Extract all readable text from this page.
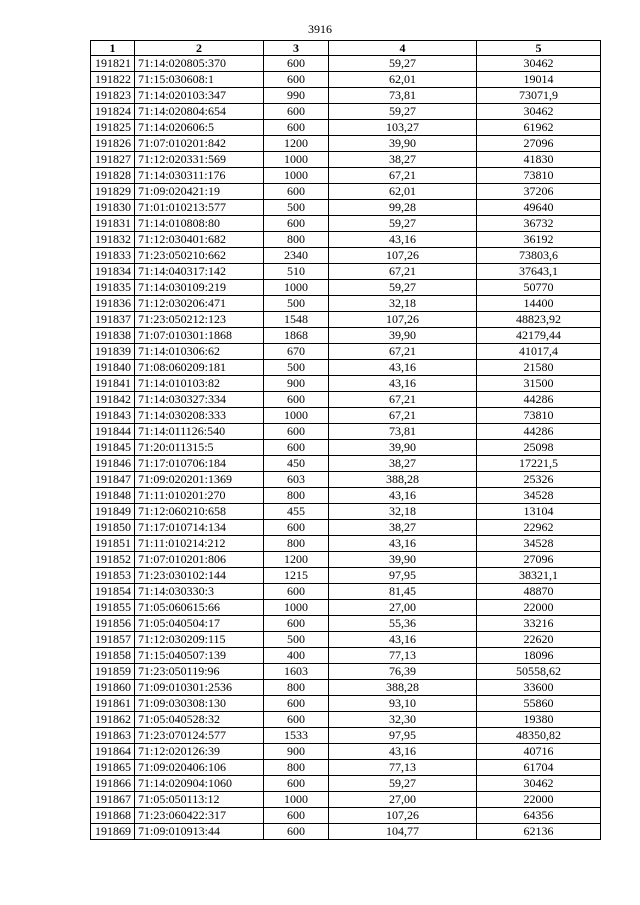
3916
1	2	3	4	5
191821	71:14:020805:370	600	59,27	30462
191822	71:15:030608:1	600	62,01	19014
191823	71:14:020103:347	990	73,81	73071,9
191824	71:14:020804:654	600	59,27	30462
191825	71:14:020606:5	600	103,27	61962
191826	71:07:010201:842	1200	39,90	27096
191827	71:12:020331:569	1000	38,27	41830
191828	71:14:030311:176	1000	67,21	73810
191829	71:09:020421:19	600	62,01	37206
191830	71:01:010213:577	500	99,28	49640
191831	71:14:010808:80	600	59,27	36732
191832	71:12:030401:682	800	43,16	36192
191833	71:23:050210:662	2340	107,26	73803,6
191834	71:14:040317:142	510	67,21	37643,1
191835	71:14:030109:219	1000	59,27	50770
191836	71:12:030206:471	500	32,18	14400
191837	71:23:050212:123	1548	107,26	48823,92
191838	71:07:010301:1868	1868	39,90	42179,44
191839	71:14:010306:62	670	67,21	41017,4
191840	71:08:060209:181	500	43,16	21580
191841	71:14:010103:82	900	43,16	31500
191842	71:14:030327:334	600	67,21	44286
191843	71:14:030208:333	1000	67,21	73810
191844	71:14:011126:540	600	73,81	44286
191845	71:20:011315:5	600	39,90	25098
191846	71:17:010706:184	450	38,27	17221,5
191847	71:09:020201:1369	603	388,28	25326
191848	71:11:010201:270	800	43,16	34528
191849	71:12:060210:658	455	32,18	13104
191850	71:17:010714:134	600	38,27	22962
191851	71:11:010214:212	800	43,16	34528
191852	71:07:010201:806	1200	39,90	27096
191853	71:23:030102:144	1215	97,95	38321,1
191854	71:14:030330:3	600	81,45	48870
191855	71:05:060615:66	1000	27,00	22000
191856	71:05:040504:17	600	55,36	33216
191857	71:12:030209:115	500	43,16	22620
191858	71:15:040507:139	400	77,13	18096
191859	71:23:050119:96	1603	76,39	50558,62
191860	71:09:010301:2536	800	388,28	33600
191861	71:09:030308:130	600	93,10	55860
191862	71:05:040528:32	600	32,30	19380
191863	71:23:070124:577	1533	97,95	48350,82
191864	71:12:020126:39	900	43,16	40716
191865	71:09:020406:106	800	77,13	61704
191866	71:14:020904:1060	600	59,27	30462
191867	71:05:050113:12	1000	27,00	22000
191868	71:23:060422:317	600	107,26	64356
191869	71:09:010913:44	600	104,77	62136
